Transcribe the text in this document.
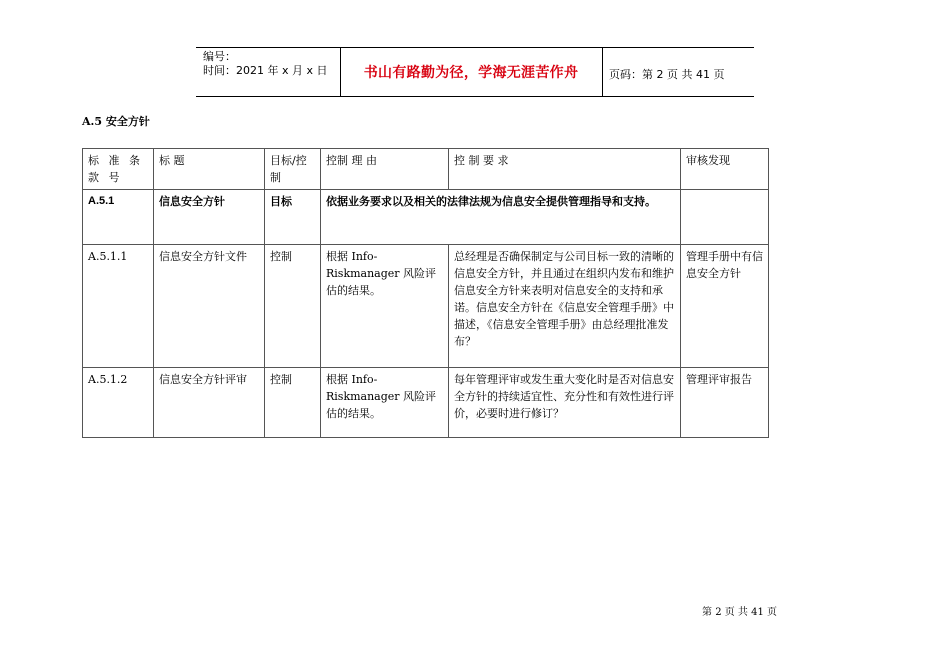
编号：
时间：2021 年 x 月 x 日	书山有路勤为径，学海无涯苦作舟	页码：第 2 页 共 41 页
A.5 安全方针
标 准 条 款 号	标 题	目标/控制	控制 理 由	控 制 要 求	审核发现
A.5.1	信息安全方针	目标	依据业务要求以及相关的法律法规为信息安全提供管理指导和支持。		
A.5.1.1	信息安全方针文件	控制	根据 Info-Riskmanager 风险评估的结果。	总经理是否确保制定与公司目标一致的清晰的信息安全方针，并且通过在组织内发布和维护信息安全方针来表明对信息安全的支持和承诺。信息安全方针在《信息安全管理手册》中描述，《信息安全管理手册》由总经理批准发布？	管理手册中有信息安全方针
A.5.1.2	信息安全方针评审	控制	根据 Info-Riskmanager 风险评估的结果。	每年管理评审或发生重大变化时是否对信息安全方针的持续适宜性、充分性和有效性进行评价，必要时进行修订？	管理评审报告
第 2 页 共 41 页
